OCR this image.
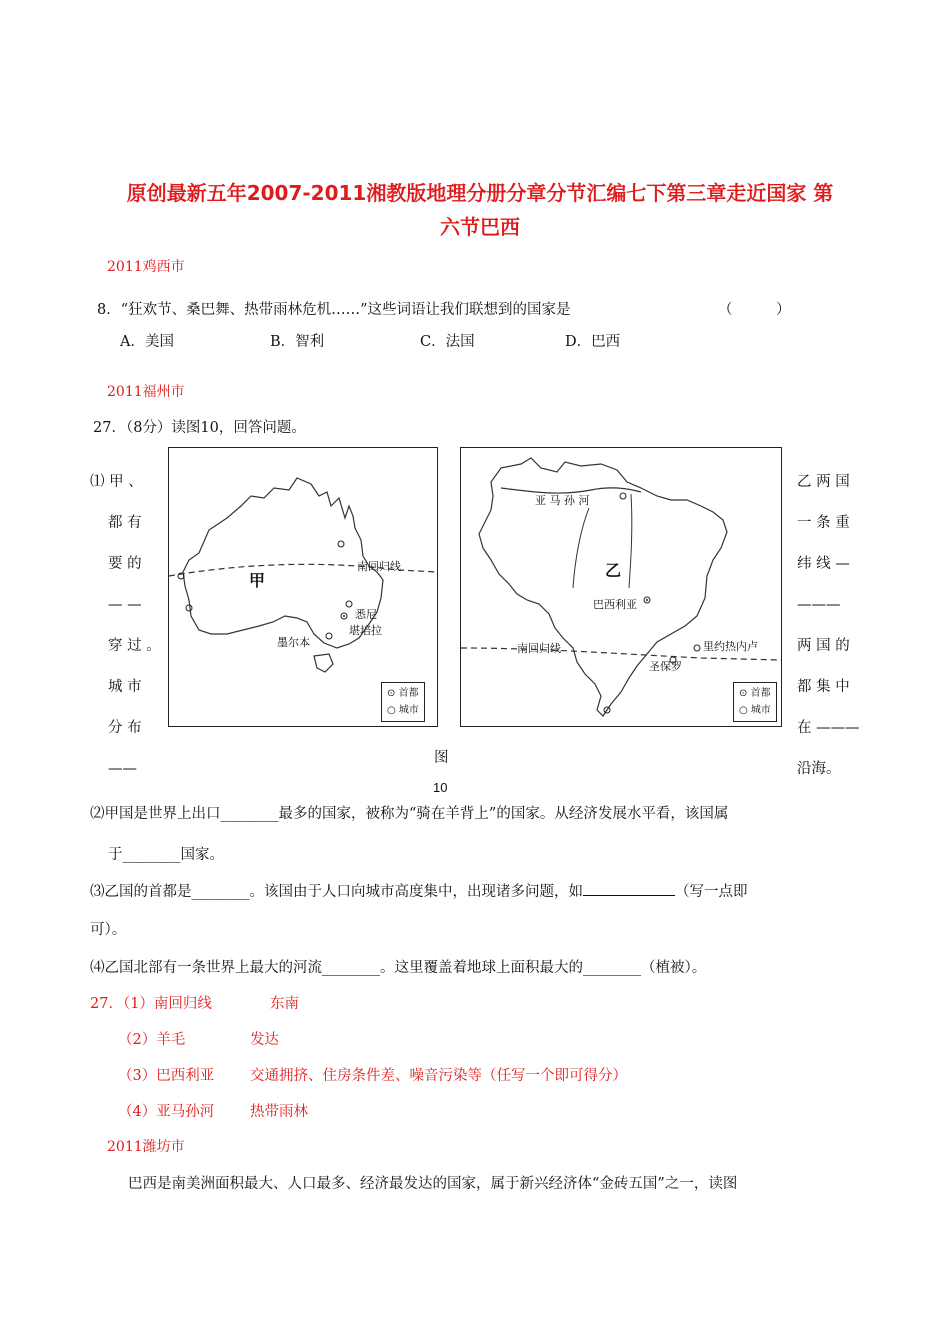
原创最新五年2007-2011湘教版地理分册分章分节汇编七下第三章走近国家 第
六节巴西
2011鸡西市
8．“狂欢节、桑巴舞、热带雨林危机……”这些词语让我们联想到的国家是	（　　　）
A．美国	B．智利	C．法国	D．巴西
2011福州市
27．（8分）读图10，回答问题。
⑴ 甲 、
都 有
要 的
— —
穿 过 。
城 市
分 布
——
甲
南回归线
悉尼
堪培拉
墨尔本
⊙ 首都
○ 城市
亚 马 孙 河
乙
巴西利亚
南回归线	里约热内卢
圣保罗
⊙ 首都
○ 城市
乙 两 国
一 条 重
纬 线 —
———
两 国 的
都 集 中
在 ———
沿海。
图
10
⑵甲国是世界上出口________最多的国家，被称为“骑在羊背上”的国家。从经济发展水平看，该国属
于________国家。
⑶乙国的首都是________。该国由于人口向城市高度集中，出现诸多问题，如	（写一点即
可）。
⑷乙国北部有一条世界上最大的河流________。这里覆盖着地球上面积最大的________（植被）。
27．（1）南回归线	东南
（2）羊毛	发达
（3）巴西利亚 交通拥挤、住房条件差、噪音污染等（任写一个即可得分）
（4）亚马孙河 热带雨林
2011潍坊市
巴西是南美洲面积最大、人口最多、经济最发达的国家，属于新兴经济体“金砖五国”之一，读图
